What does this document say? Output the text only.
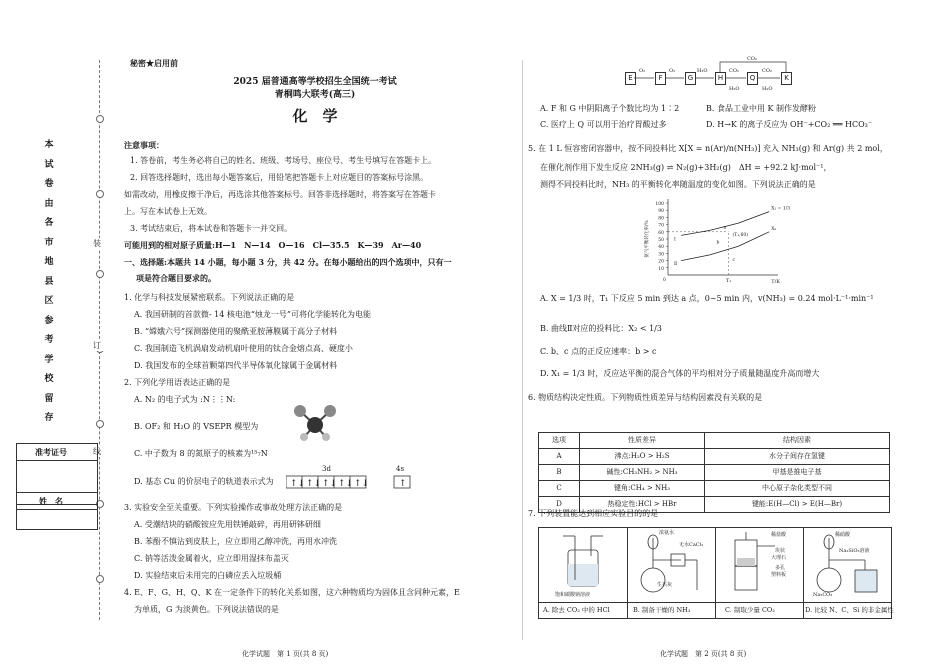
本
试
卷
由
各
市
地
县
区
参
考
学
校
留
存
装
订
线
准考证号
姓　名
秘密★启用前
2025 届普通高等学校招生全国统一考试
青桐鸣大联考(高三)
化　学
注意事项：
1. 答卷前，考生务必将自己的姓名、班级、考场号、座位号、考生号填写在答题卡上。
2. 回答选择题时，选出每小题答案后，用铅笔把答题卡上对应题目的答案标号涂黑。
如需改动，用橡皮擦干净后，再选涂其他答案标号。回答非选择题时，将答案写在答题卡
上。写在本试卷上无效。
3. 考试结束后，将本试卷和答题卡一并交回。
可能用到的相对原子质量:H—1　N—14　O—16　Cl—35.5　K—39　Ar—40
一、选择题:本题共 14 小题，每小题 3 分，共 42 分。在每小题给出的四个选项中，只有一
项是符合题目要求的。
1. 化学与科技发展紧密联系。下列说法正确的是
A. 我国研制的首款微- 14 核电池“烛龙一号”可将化学能转化为电能
B. “嫦娥六号”探测器使用的聚酰亚胺薄膜属于高分子材料
C. 我国制造飞机涡扇发动机扇叶使用的钛合金熔点高、硬度小
D. 我国发布的全球首颗第四代半导体氧化镓属于金属材料
2. 下列化学用语表达正确的是
A. N₂ 的电子式为 :N⋮⋮N:
B. OF₂ 和 H₂O 的 VSEPR 模型为
C. 中子数为 8 的氮原子的核素为¹⁵₇N
D. 基态 Cu 的价层电子的轨道表示式为
3d	4s
↑↓ ↑↓ ↑↓ ↑↓ ↑↓	↑
3. 实验安全至关重要。下列实验操作或事故处理方法正确的是
A. 受潮结块的硝酸铵应先用铁锤敲碎，再用研钵研细
B. 苯酚不慎沾到皮肤上，应立即用乙醇冲洗，再用水冲洗
C. 钠等活泼金属着火，应立即用湿抹布盖灭
D. 实验结束后未用完的白磷应丢入垃圾桶
4. E、F、G、H、Q、K 在一定条件下的转化关系如图，这六种物质均为固体且含同种元素，E
为单质，G 为淡黄色。下列说法错误的是
化学试题　第 1 页(共 8 页)
E	F	G	H	Q	K
O₂	O₂	H₂O	CO₂	CO₂
CO₂
H₂O	H₂O
A. F 和 G 中阴阳离子个数比均为 1∶2	B. 食品工业中用 K 制作发酵粉
C. 医疗上 Q 可以用于治疗胃酸过多	D. H→K 的离子反应为 OH⁻+CO₂ ══ HCO₃⁻
5. 在 1 L 恒容密闭容器中，按不同投料比 X[X = n(Ar)/n(NH₃)] 充入 NH₃(g) 和 Ar(g) 共 2 mol，
在催化剂作用下发生反应 2NH₃(g) ⇌ N₂(g)+3H₂(g)　ΔH = +92.2 kJ·mol⁻¹，
测得不同投料比时，NH₃ 的平衡转化率随温度的变化如图。下列说法正确的是
100
90
80
70
60
50
40
30
20
10
氨气平衡转化率/%
T/K
T₁
X₁ = 1/3
X₂
a
b
c
(T₁,60)
Ⅰ
Ⅱ
0
A. X = 1/3 时，T₁ 下反应 5 min 到达 a 点，0~5 min 内，v(NH₃) = 0.24 mol·L⁻¹·min⁻¹
B. 曲线Ⅱ对应的投料比：X₂ < 1/3
C. b、c 点的正反应速率：b > c
D. X₁ = 1/3 时，反应达平衡的混合气体的平均相对分子质量随温度升高而增大
6. 物质结构决定性质。下列物质性质差异与结构因素没有关联的是
选项	性质差异	结构因素
A	沸点:H₂O > H₂S	水分子间存在氢键
B	碱性:CH₃NH₂ > NH₃	甲基是推电子基
C	键角:CH₄ > NH₃	中心原子杂化类型不同
D	热稳定性:HCl > HBr	键能:E(H—Cl) > E(H—Br)
7. 下列装置能达到相应实验目的的是
饱和碳酸钠溶液
浓氨水
无水CaCl₂
生石灰
稀盐酸
块状
大理石
多孔
塑料板
稀硝酸
Na₂SiO₃溶液
Na₂CO₃
A. 除去 CO₂ 中的 HCl	B. 制备干燥的 NH₃	C. 制取少量 CO₂	D. 比较 N、C、Si 的非金属性
化学试题　第 2 页(共 8 页)
